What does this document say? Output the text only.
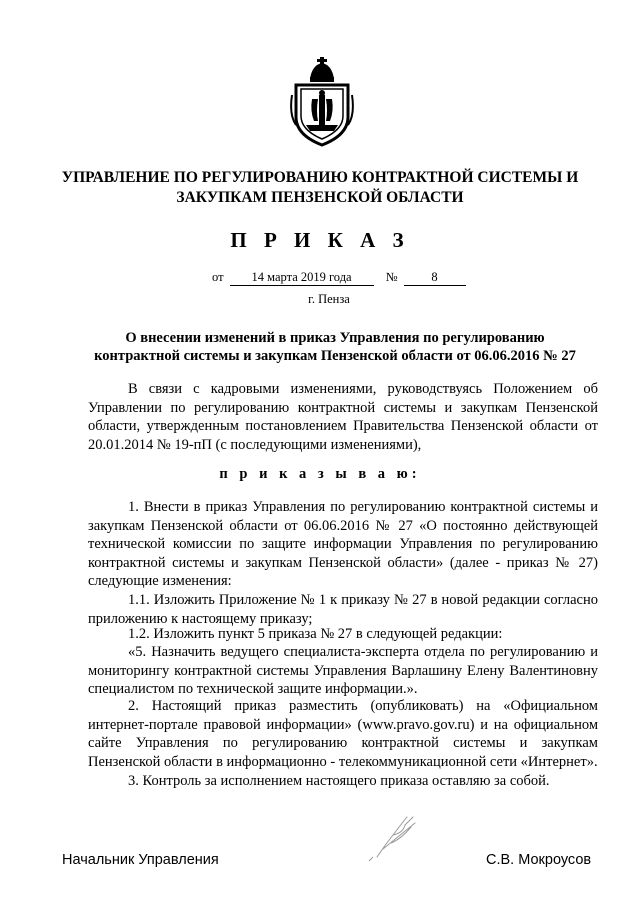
УПРАВЛЕНИЕ ПО РЕГУЛИРОВАНИЮ КОНТРАКТНОЙ СИСТЕМЫ И
ЗАКУПКАМ ПЕНЗЕНСКОЙ ОБЛАСТИ
П Р И К А З
от	14 марта 2019 года	№	8
г. Пенза
О внесении изменений в приказ Управления по регулированию
контрактной системы и закупкам Пензенской области от 06.06.2016 № 27
В связи с кадровыми изменениями, руководствуясь Положением об Управлении по регулированию контрактной системы и закупкам Пензенской области, утвержденным постановлением Правительства Пензенской области от 20.01.2014 № 19-пП (с последующими изменениями),
п р и к а з ы в а ю:
1. Внести в приказ Управления по регулированию контрактной системы и закупкам Пензенской области от 06.06.2016 № 27 «О постоянно действующей технической комиссии по защите информации Управления по регулированию контрактной системы и закупкам Пензенской области» (далее - приказ № 27) следующие изменения:
1.1. Изложить Приложение № 1 к приказу № 27 в новой редакции согласно приложению к настоящему приказу;
1.2. Изложить пункт 5 приказа № 27 в следующей редакции:
«5. Назначить ведущего специалиста-эксперта отдела по регулированию и мониторингу контрактной системы Управления Варлашину Елену Валентиновну специалистом по технической защите информации.».
2. Настоящий приказ разместить (опубликовать) на «Официальном интернет-портале правовой информации» (www.pravo.gov.ru) и на официальном сайте Управления по регулированию контрактной системы и закупкам Пензенской области в информационно - телекоммуникационной сети «Интернет».
3. Контроль за исполнением настоящего приказа оставляю за собой.
Начальник Управления	С.В. Мокроусов
